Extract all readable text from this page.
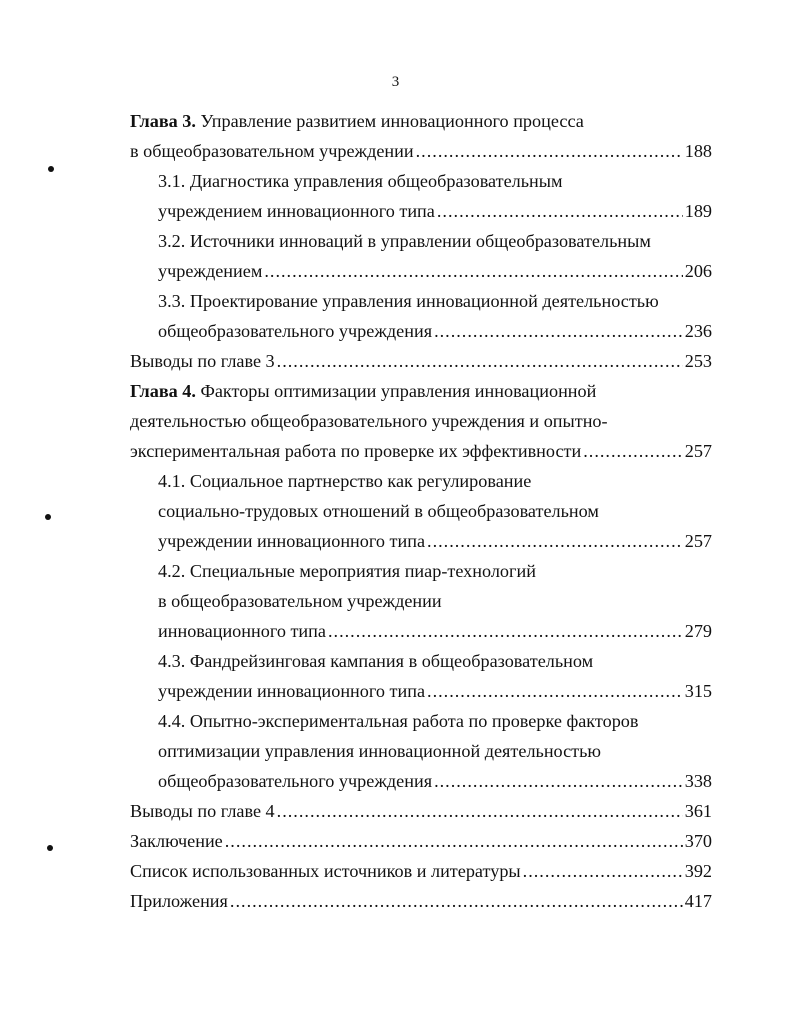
3
Глава 3. Управление развитием инновационного процесса
в общеобразовательном учреждении .....	188
3.1. Диагностика управления общеобразовательным
учреждением инновационного типа .....	189
3.2. Источники инноваций в управлении общеобразовательным
учреждением .....	206
3.3. Проектирование управления инновационной деятельностью
общеобразовательного учреждения .....	236
Выводы по главе 3 .....	253
Глава 4. Факторы оптимизации управления инновационной
деятельностью общеобразовательного учреждения и опытно-
экспериментальная работа по проверке их эффективности .....	257
4.1. Социальное партнерство как регулирование
социально-трудовых отношений в общеобразовательном
учреждении инновационного типа .....	257
4.2. Специальные мероприятия пиар-технологий
в общеобразовательном учреждении
инновационного типа .....	279
4.3. Фандрейзинговая кампания в общеобразовательном
учреждении инновационного типа .....	315
4.4. Опытно-экспериментальная работа по проверке факторов
оптимизации управления инновационной деятельностью
общеобразовательного учреждения .....	338
Выводы по главе 4 .....	361
Заключение .....	370
Список использованных источников и литературы .....	392
Приложения .....	417
